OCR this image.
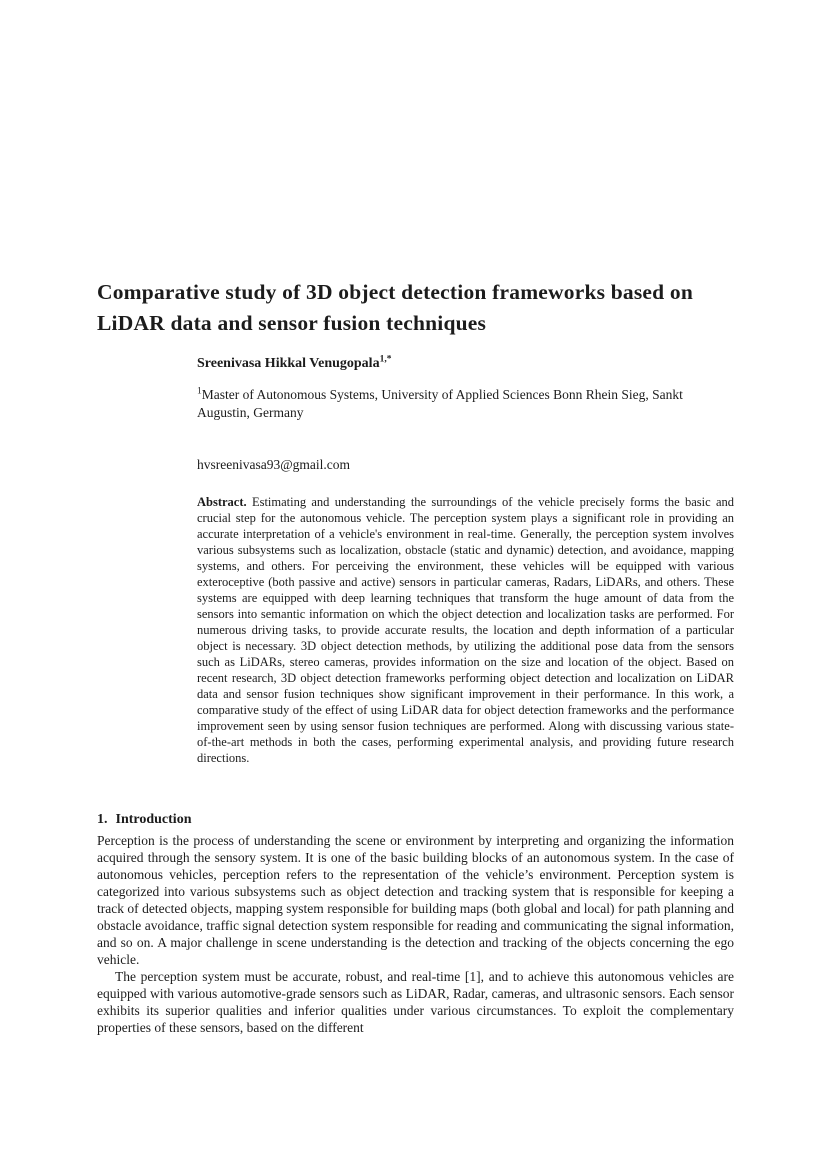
Comparative study of 3D object detection frameworks based on LiDAR data and sensor fusion techniques
Sreenivasa Hikkal Venugopala$^{1,*}$
$^1$Master of Autonomous Systems, University of Applied Sciences Bonn Rhein Sieg, Sankt Augustin, Germany
hvsreenivasa93@gmail.com
Abstract. Estimating and understanding the surroundings of the vehicle precisely forms the basic and crucial step for the autonomous vehicle. The perception system plays a significant role in providing an accurate interpretation of a vehicle's environment in real-time. Generally, the perception system involves various subsystems such as localization, obstacle (static and dynamic) detection, and avoidance, mapping systems, and others. For perceiving the environment, these vehicles will be equipped with various exteroceptive (both passive and active) sensors in particular cameras, Radars, LiDARs, and others. These systems are equipped with deep learning techniques that transform the huge amount of data from the sensors into semantic information on which the object detection and localization tasks are performed. For numerous driving tasks, to provide accurate results, the location and depth information of a particular object is necessary. 3D object detection methods, by utilizing the additional pose data from the sensors such as LiDARs, stereo cameras, provides information on the size and location of the object. Based on recent research, 3D object detection frameworks performing object detection and localization on LiDAR data and sensor fusion techniques show significant improvement in their performance. In this work, a comparative study of the effect of using LiDAR data for object detection frameworks and the performance improvement seen by using sensor fusion techniques are performed. Along with discussing various state-of-the-art methods in both the cases, performing experimental analysis, and providing future research directions.
1. Introduction

Perception is the process of understanding the scene or environment by interpreting and organizing the information acquired through the sensory system. It is one of the basic building blocks of an autonomous system. In the case of autonomous vehicles, perception refers to the representation of the vehicle’s environment. Perception system is categorized into various subsystems such as object detection and tracking system that is responsible for keeping a track of detected objects, mapping system responsible for building maps (both global and local) for path planning and obstacle avoidance, traffic signal detection system responsible for reading and communicating the signal information, and so on. A major challenge in scene understanding is the detection and tracking of the objects concerning the ego vehicle.

The perception system must be accurate, robust, and real-time [1], and to achieve this autonomous vehicles are equipped with various automotive-grade sensors such as LiDAR, Radar, cameras, and ultrasonic sensors. Each sensor exhibits its superior qualities and inferior qualities under various circumstances. To exploit the complementary properties of these sensors, based on the different
